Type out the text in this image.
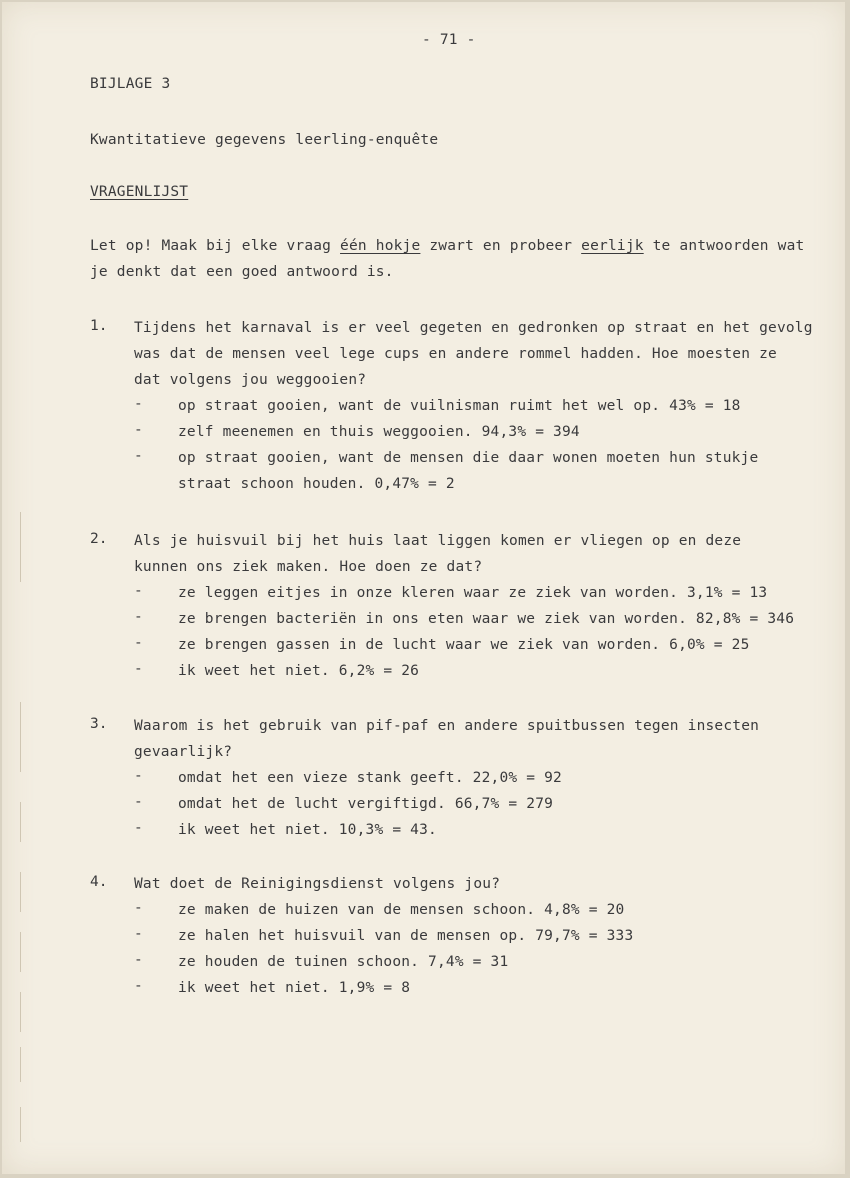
- 71 -
BIJLAGE 3
Kwantitatieve gegevens leerling-enquête
VRAGENLIJST
Let op! Maak bij elke vraag één hokje zwart en probeer eerlijk te antwoorden wat
je denkt dat een goed antwoord is.
1. Tijdens het karnaval is er veel gegeten en gedronken op straat en het gevolg
was dat de mensen veel lege cups en andere rommel hadden. Hoe moesten ze
dat volgens jou weggooien?
- op straat gooien, want de vuilnisman ruimt het wel op. 43% = 18
- zelf meenemen en thuis weggooien. 94,3% = 394
- op straat gooien, want de mensen die daar wonen moeten hun stukje
straat schoon houden. 0,47% = 2
2. Als je huisvuil bij het huis laat liggen komen er vliegen op en deze
kunnen ons ziek maken. Hoe doen ze dat?
- ze leggen eitjes in onze kleren waar ze ziek van worden. 3,1% = 13
- ze brengen bacteriën in ons eten waar we ziek van worden. 82,8% = 346
- ze brengen gassen in de lucht waar we ziek van worden. 6,0% = 25
- ik weet het niet. 6,2% = 26
3. Waarom is het gebruik van pif-paf en andere spuitbussen tegen insecten
gevaarlijk?
- omdat het een vieze stank geeft. 22,0% = 92
- omdat het de lucht vergiftigd. 66,7% = 279
- ik weet het niet. 10,3% = 43.
4. Wat doet de Reinigingsdienst volgens jou?
- ze maken de huizen van de mensen schoon. 4,8% = 20
- ze halen het huisvuil van de mensen op. 79,7% = 333
- ze houden de tuinen schoon. 7,4% = 31
- ik weet het niet. 1,9% = 8
